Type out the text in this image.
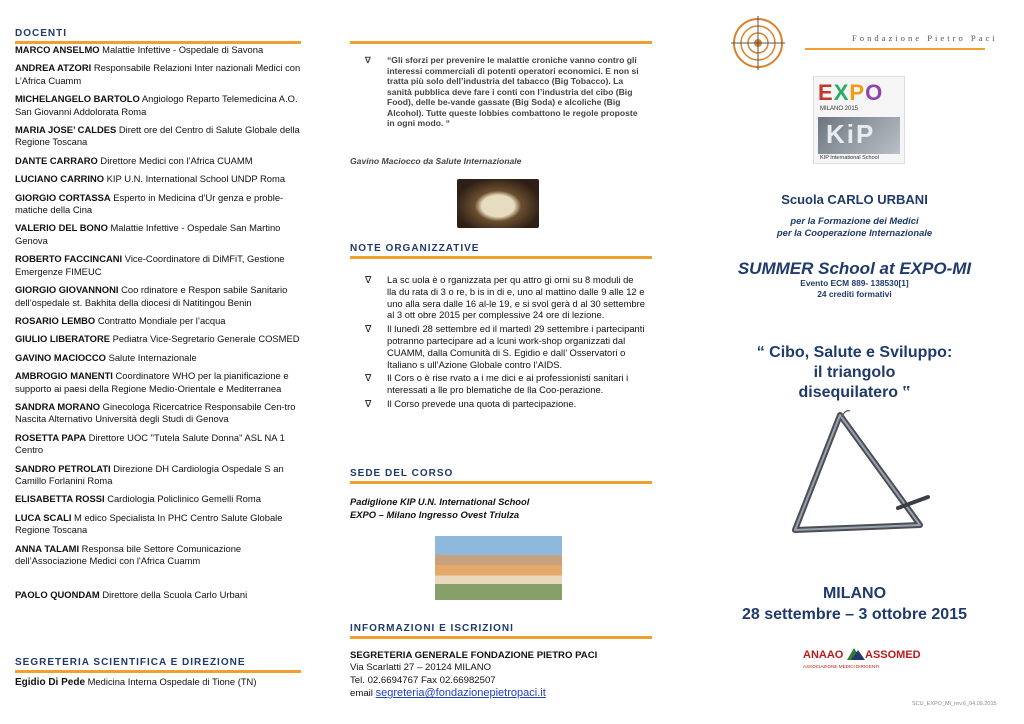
DOCENTI
MARCO ANSELMO Malattie Infettive - Ospedale di Savona
ANDREA ATZORI Responsabile Relazioni Inter nazionali Medici con L’Africa Cuamm
MICHELANGELO BARTOLO Angiologo Reparto Telemedicina A.O. San Giovanni Addolorata Roma
MARIA JOSE’ CALDES Dirett ore del Centro di Salute Globale della Regione Toscana
DANTE CARRARO Direttore Medici con l’Africa CUAMM
LUCIANO CARRINO KIP U.N. International School UNDP Roma
GIORGIO CORTASSA Esperto in Medicina d’Ur genza e proble-matiche della Cina
VALERIO DEL BONO Malattie Infettive - Ospedale San Martino Genova
ROBERTO FACCINCANI Vice-Coordinatore di DiMFiT, Gestione Emergenze FIMEUC
GIORGIO GIOVANNONI Coo rdinatore e Respon sabile Sanitario dell’ospedale st. Bakhita della diocesi di Natitingou Benin
ROSARIO LEMBO Contratto Mondiale per l’acqua
GIULIO LIBERATORE Pediatra Vice-Segretario Generale COSMED
GAVINO MACIOCCO Salute Internazionale
AMBROGIO MANENTI Coordinatore WHO per la pianificazione e supporto ai paesi della Regione Medio-Orientale e Mediterranea
SANDRA MORANO Ginecologa Ricercatrice Responsabile Cen-tro Nascita Alternativo Università degli Studi di Genova
ROSETTA PAPA Direttore UOC "Tutela Salute Donna" ASL NA 1 Centro
SANDRO PETROLATI Direzione DH Cardiologia Ospedale S an Camillo Forlanini Roma
ELISABETTA ROSSI Cardiologia Policlinico Gemelli Roma
LUCA SCALI M edico Specialista In PHC Centro Salute Globale Regione Toscana
ANNA TALAMI Responsa bile Settore Comunicazione dell’Associazione Medici con l'Africa Cuamm
PAOLO QUONDAM Direttore della Scuola Carlo Urbani
SEGRETERIA SCIENTIFICA E DIREZIONE
Egidio Di Pede Medicina Interna Ospedale di Tione (TN)
∇ “Gli sforzi per prevenire le malattie croniche vanno contro gli interessi commerciali di potenti operatori economici. E non si tratta più solo dell’industria del tabacco (Big Tobacco). La sanità pubblica deve fare i conti con l’industria del cibo (Big Food), delle be-vande gassate (Big Soda) e alcoliche (Big Alcohol). Tutte queste lobbies combattono le regole proposte in ogni modo. “
Gavino Maciocco da Salute Internazionale
NOTE ORGANIZZATIVE
∇ La sc uola è o rganizzata per qu attro gi orni su 8 moduli de lla du rata di 3 o re, b is in di e, uno al mattino dalle 9 alle 12 e uno alla sera dalle 16 al-le 19, e si svol gerà d al 30 settembre al 3 ott obre 2015 per complessive 24 ore di lezione.
∇ Il lunedì 28 settembre ed il martedì 29 settembre i partecipanti potranno partecipare ad a lcuni work-shop organizzati dal CUAMM, dalla Comunità di S. Egidio e dall’ Osservatori o Italiano s ull’Azione Globale contro l’AIDS.
∇ Il Cors o è rise rvato a i me dici e ai professionisti sanitari i nteressati a lle pro blematiche de lla Coo-perazione.
∇ Il Corso prevede una quota di partecipazione.
SEDE DEL CORSO
Padiglione KIP U.N. International School
EXPO – Milano Ingresso Ovest Triulza
INFORMAZIONI E ISCRIZIONI
SEGRETERIA GENERALE FONDAZIONE PIETRO PACI
Via Scarlatti 27 – 20124 MILANO
Tel. 02.6694767 Fax 02.66982507
email segreteria@fondazionepietropaci.it
Fondazione Pietro Paci
EXPO
MILANO 2015
KiP
KIP International School
Scuola CARLO URBANI
per la Formazione dei Medici
per la Cooperazione Internazionale
SUMMER School at EXPO-MI
Evento ECM 889- 138530[1]
24 crediti formativi
“ Cibo, Salute e Sviluppo:
il triangolo
disequilatero ‟
MILANO
28 settembre – 3 ottobre 2015
ANAAO ASSOMED
ASSOCIAZIONE MEDICI DIRIGENTI
SCU_EXPO_MI_rev.6_04.09.2015
